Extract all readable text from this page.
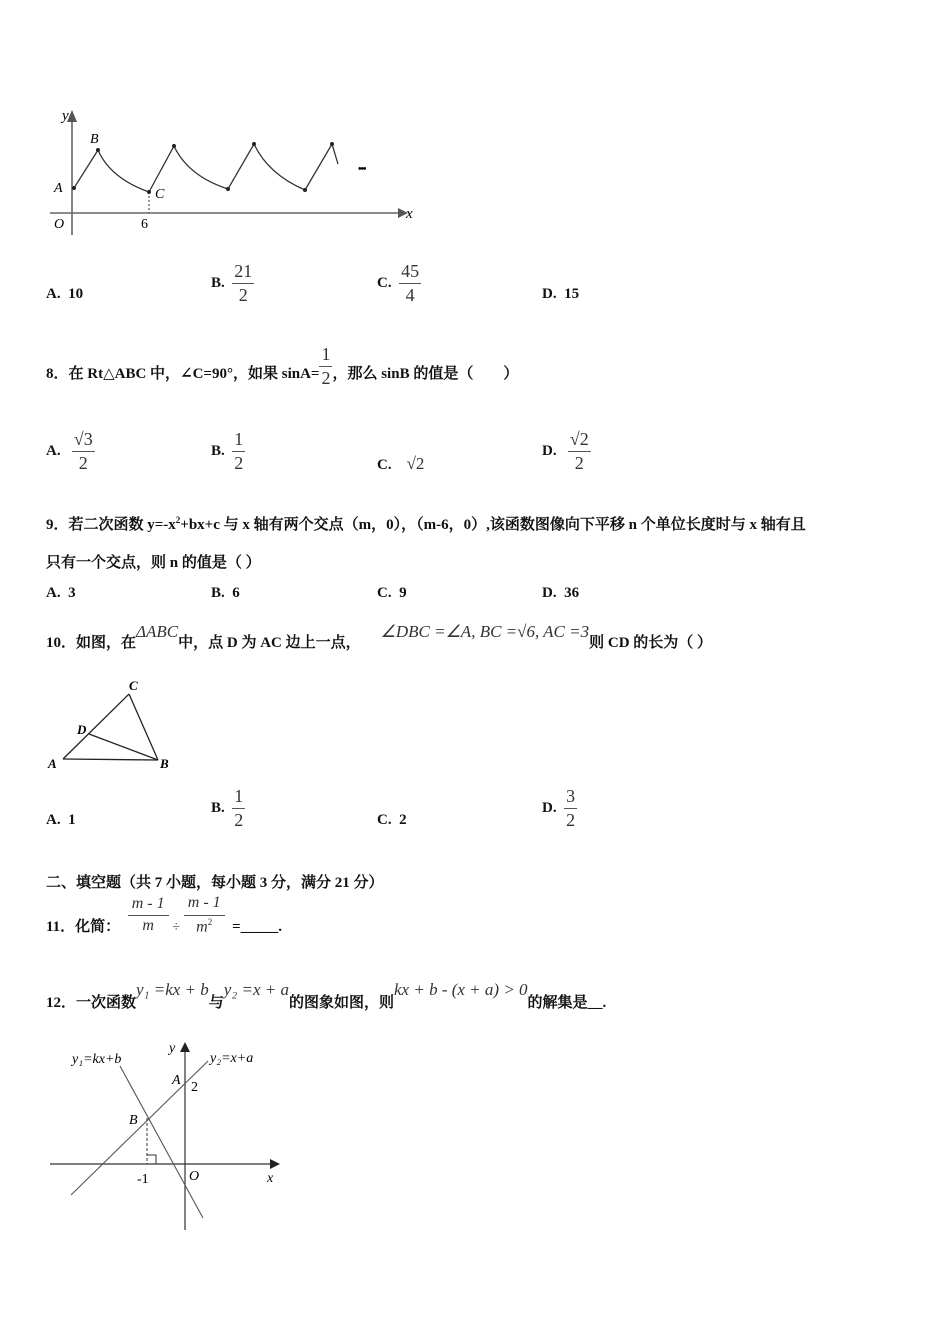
y
x
O
A
B
C
6
•••
A. 10
B. $\frac{21}{2}$	C. $\frac{45}{4}$	D. 15
8．在 Rt△ABC 中，∠C=90°，如果 $\sin A= \frac{1}{2}$ ，那么 sinB 的值是（　　）
A. $\frac{√3}{2}$	B. $\frac{1}{2}$	C. √2
D. $\frac{√2}{2}$
9．若二次函数 $y=-x^2+bx+c$ 与 x 轴有两个交点（m，0），（m-6，0）,该函数图像向下平移 n 个单位长度时与 x 轴有且
只有一个交点，则 n 的值是（ ）
A. 3	B. 6	C. 9	D. 36
10．如图，在ΔABC中，点 D 为 AC 边上一点，∠DBC =∠A, BC =√6, AC =3则 CD 的长为（ ）
A	B
C
D
A. 1
B. $\frac{1}{2}$	C. 2
D. $\frac{3}{2}$
二、填空题（共 7 小题，每小题 3 分，满分 21 分）
11．化简： $\frac{m - 1}{m} \div \frac{m - 1}{m^2}$ =_____.
12．一次函数y₁ =kx + b与y₂ =x + a的图象如图，则kx + b - (x + a) > 0的解集是__.
y₁=kx+b	y₂=x+a
y
x
O
A
B
2
-1
